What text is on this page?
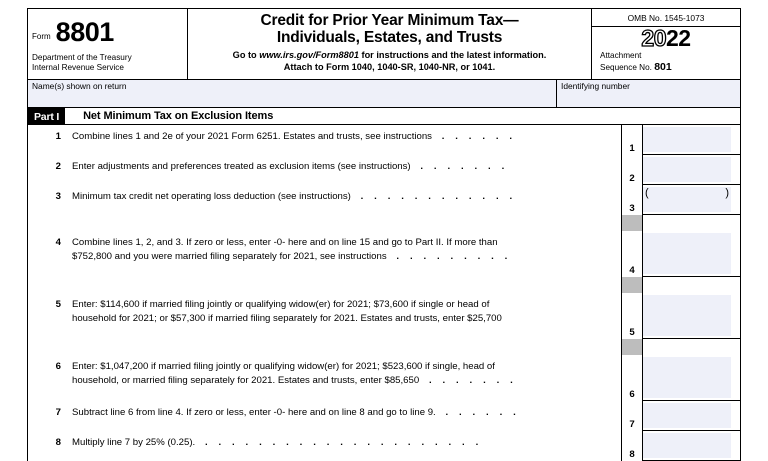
Form 8801
Department of the Treasury
Internal Revenue Service
Credit for Prior Year Minimum Tax—
Individuals, Estates, and Trusts
Go to www.irs.gov/Form8801 for instructions and the latest information.
Attach to Form 1040, 1040-SR, 1040-NR, or 1041.
OMB No. 1545-1073
2022
Attachment
Sequence No. 801
Name(s) shown on return	Identifying number
Part I	Net Minimum Tax on Exclusion Items
1	Combine lines 1 and 2e of your 2021 Form 6251. Estates and trusts, see instructions . . . . . .
1
2	Enter adjustments and preferences treated as exclusion items (see instructions) . . . . . . .
2
3	Minimum tax credit net operating loss deduction (see instructions) . . . . . . . . . . . .
3
(	)
4	Combine lines 1, 2, and 3. If zero or less, enter -0- here and on line 15 and go to Part II. If more than
$752,800 and you were married filing separately for 2021, see instructions . . . . . . . . .
4
5	Enter: $114,600 if married filing jointly or qualifying widow(er) for 2021; $73,600 if single or head of
household for 2021; or $57,300 if married filing separately for 2021. Estates and trusts, enter $25,700
5
6	Enter: $1,047,200 if married filing jointly or qualifying widow(er) for 2021; $523,600 if single, head of
household, or married filing separately for 2021. Estates and trusts, enter $85,650 . . . . . . .
6
7	Subtract line 6 from line 4. If zero or less, enter -0- here and on line 8 and go to line 9. . . . . . .
7
8	Multiply line 7 by 25% (0.25). . . . . . . . . . . . . . . . . . . . . .
8
